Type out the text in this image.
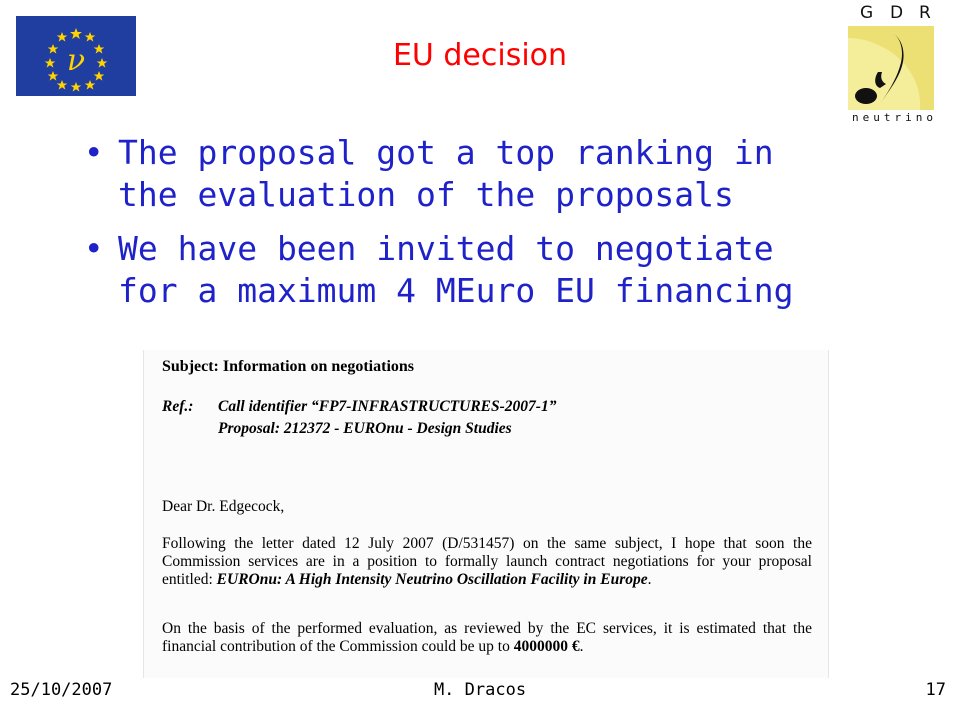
ν	EU decision
G D R
neutrino
• The proposal got a top ranking in the evaluation of the proposals
• We have been invited to negotiate for a maximum 4 MEuro EU financing
Subject: Information on negotiations
Ref.: Call identifier “FP7-INFRASTRUCTURES-2007-1”
Proposal: 212372 - EUROnu - Design Studies
Dear Dr. Edgecock,
Following the letter dated 12 July 2007 (D/531457) on the same subject, I hope that soon the Commission services are in a position to formally launch contract negotiations for your proposal entitled: EUROnu: A High Intensity Neutrino Oscillation Facility in Europe.
On the basis of the performed evaluation, as reviewed by the EC services, it is estimated that the financial contribution of the Commission could be up to 4000000 €.
25/10/2007	M. Dracos	17
